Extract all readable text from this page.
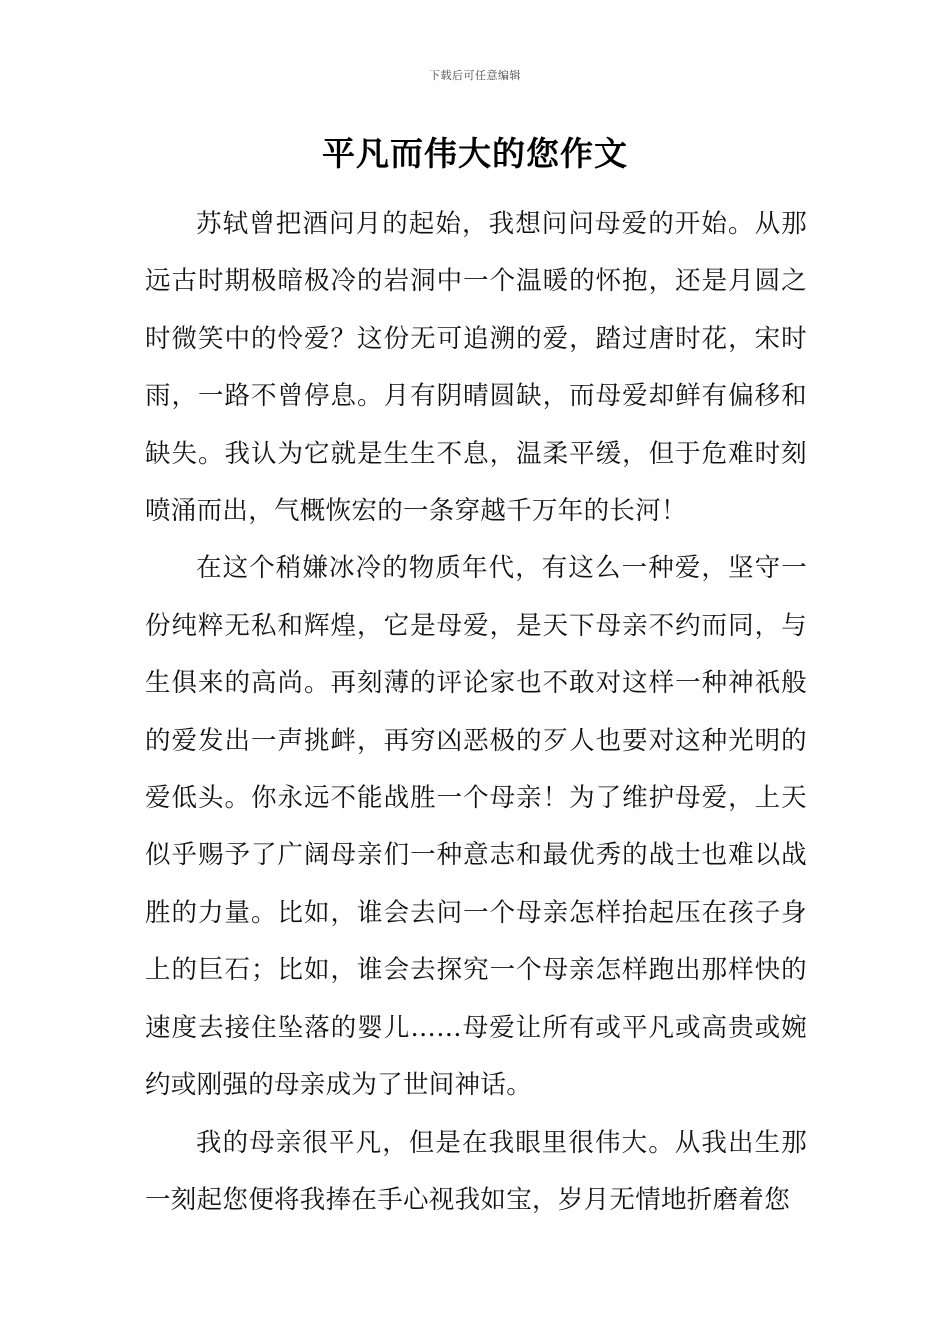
下载后可任意编辑
平凡而伟大的您作文

苏轼曾把酒问月的起始，我想问问母爱的开始。从那远古时期极暗极冷的岩洞中一个温暖的怀抱，还是月圆之时微笑中的怜爱？这份无可追溯的爱，踏过唐时花，宋时雨，一路不曾停息。月有阴晴圆缺，而母爱却鲜有偏移和缺失。我认为它就是生生不息，温柔平缓，但于危难时刻喷涌而出，气概恢宏的一条穿越千万年的长河！

在这个稍嫌冰冷的物质年代，有这么一种爱，坚守一份纯粹无私和辉煌，它是母爱，是天下母亲不约而同，与生俱来的高尚。再刻薄的评论家也不敢对这样一种神祇般的爱发出一声挑衅，再穷凶恶极的歹人也要对这种光明的爱低头。你永远不能战胜一个母亲！为了维护母爱，上天似乎赐予了广阔母亲们一种意志和最优秀的战士也难以战胜的力量。比如，谁会去问一个母亲怎样抬起压在孩子身上的巨石；比如，谁会去探究一个母亲怎样跑出那样快的速度去接住坠落的婴儿……母爱让所有或平凡或高贵或婉约或刚强的母亲成为了世间神话。

我的母亲很平凡，但是在我眼里很伟大。从我出生那一刻起您便将我捧在手心视我如宝，岁月无情地折磨着您
